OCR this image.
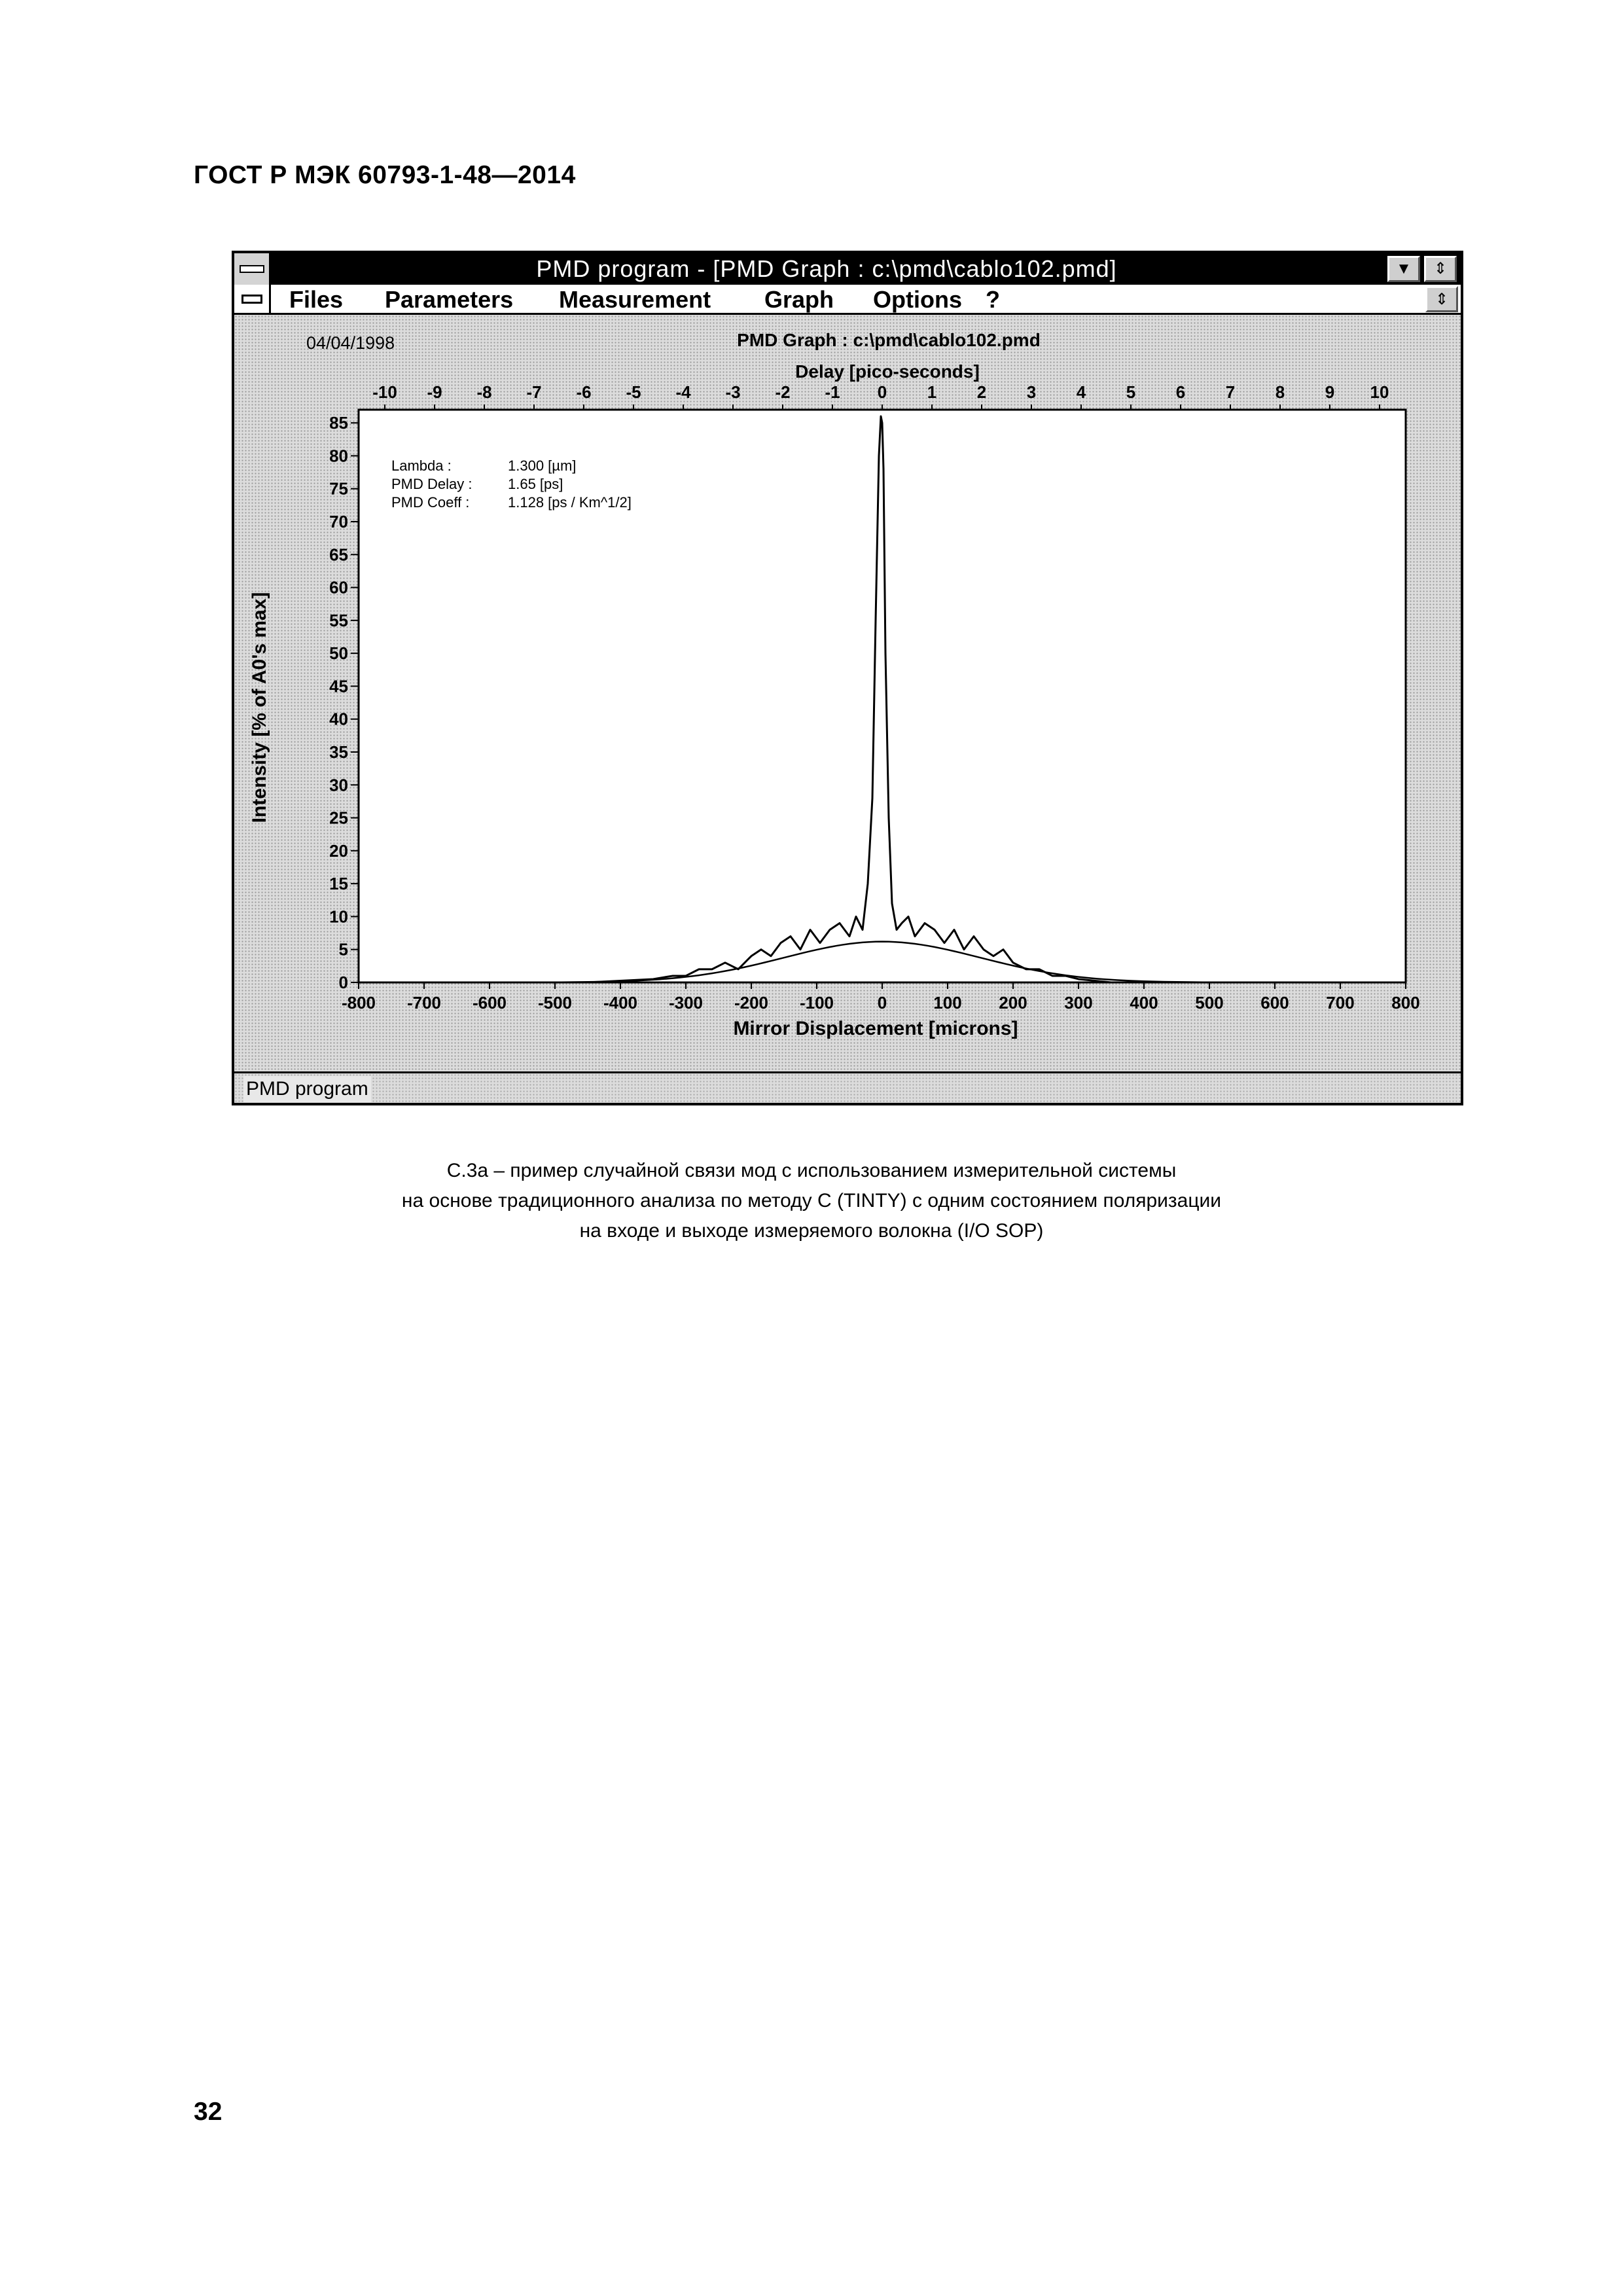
ГОСТ Р МЭК 60793-1-48—2014
PMD program - [PMD Graph : c:\pmd\cablo102.pmd]	▼ ⇕
Files Parameters Measurement Graph Options ?	⇕
04/04/1998	PMD Graph : c:\pmd\cablo102.pmd
Delay [pico-seconds]
Mirror Displacement [microns]
Intensity [% of A0's max]
-10 -9 -8 -7 -6 -5 -4 -3 -2 -1 0 1 2 3 4 5 6 7 8 9 10
-800 -700 -600 -500 -400 -300 -200 -100	0	100 200 300 400 500 600 700 800
0
5
10
15
20
25
30
35
40
45
50
55
60
65
70
75
80
85
Lambda :	1.300 [µm]
PMD Delay : 1.65 [ps]
PMD Coeff :	1.128 [ps / Km^1/2]
PMD program
С.3а – пример случайной связи мод с использованием измерительной системы
на основе традиционного анализа по методу С (TINTY) с одним состоянием поляризации
на входе и выходе измеряемого волокна (I/O SOP)
32
